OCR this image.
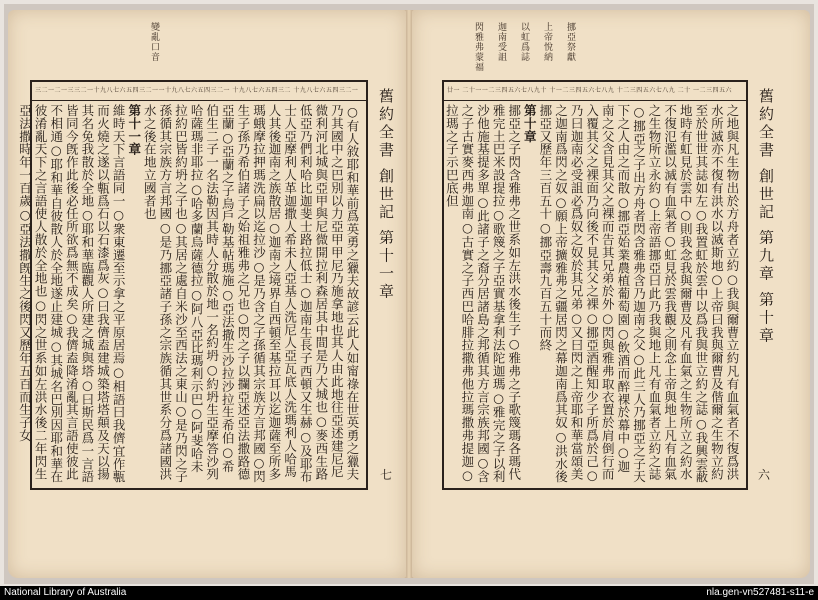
變亂口音
三二一二一三三二一十九八七六五四三二一一十九八七六五四三二一 十九八七六五四三二 十九八七六五四三二一
○有人敘耶和華前爲英勇之獵夫故諺云此人如甯祿在世英勇之獵夫乃其國中之巴別以力亞甲甲尼乃施拿地也其人由此地往亞述建尼尼微利河北城與亞甲與尼微開拉利森居其中間是乃大城也○麥西生路低亞乃們利哈比迦斐士路拉低士○迦南生長子西頓又生赫○及耶布士人亞摩利人革迦撒人希未人亞基人洗尼人亞瓦底人洗瑪利人哈馬人其後迦南之族散居○迦南之境界自西頓至基拉耳以迄迦薩至所多瑪蛾摩拉押瑪洗扁以迄拉沙○是乃含之子孫循其宗族方言邦國○閃生子孫乃希伯諸子之始祖雅弗之兄也○閃之子以攔亞述亞法撒路德亞蘭○亞蘭之子烏戶勒基帖瑪施○亞法撒生沙拉沙拉生希伯○希伯生二子一名法勒因其時人分散於地一名約坍○約坍生亞摩答沙列哈薩瑪非耶拉○哈多蘭烏薩德拉○阿八亞比瑪利示巴○阿斐哈未拉約巴皆約坍之子也○其居之處自米沙至西法之東山○是乃閃之子孫循其宗族方言邦國○是乃挪亞諸子孫之宗族循其世系分爲諸國洪水之後在地立國者也
第十一章
維時天下言語同一○衆東遷至示拿之平原居焉○相語曰我儕宜作甎而火燒之遂以甎爲石以石漆爲灰○曰我儕盍建城築塔塔顛及天以揚其名免我散於全地○耶和華臨觀人所建之城與塔○曰斯民爲一言語皆同今旣作此後必任所欲爲無不成矣○我儕盍降淆亂其言語使彼此不相通○耶和華自彼散人於全地遂止建城○其城名巴別因耶和華在彼淆亂天下之言語使人散於全地也○閃之世系如左洪水後二年閃生亞法撒時年一百歲○亞法撒旣生之後閃又歷年五百而生子女	舊約全書 創世記 第十一章
七
挪亞祭獻
上帝悅納
以虹爲誌
迦南受詛
閃雅弗蒙福
舊約全書 創世記 第九章 第十章
廿一 二十一一二三四五六七八九十 十一二三四五六七八九 十二三四五六七八九 二十 一二三四五六
之地與凡生物出於方舟者立約○我與爾曹立約凡有血氣者不復爲洪水所滅亦不復有洪水以滅斯地○上帝曰我與爾曹及偕爾之生物立約至於世世其誌如左○我置虹於雲中以爲我與世立約之誌○我興雲蔽地時有虹見於雲中○則我念我與爾曹及凡有血氣之生物所立之約水不復氾濫以滅有血氣者○虹見於雲我觀之則念上帝與地上凡有血氣之生物所立永約○上帝語挪亞曰此乃我與地上凡有血氣者立約之誌○挪亞之子出方舟者閃含雅弗含乃迦南之父○此三人乃挪亞之子天下之人由之而散○挪亞始業農植葡萄園○飲酒而醉裸於幕中○迦南之父含見其父之裸而告其兄弟於外○閃與雅弗取衣置於肩倒行而入覆其父之裸面乃向後不見其父之裸○挪亞酒醒知少子所爲於己○乃曰迦南必受詛必爲奴之奴於其兄弟○又曰閃之上帝耶和華當頌美之迦南爲閃之奴○願上帝擴雅弗之疆居閃之幕迦南爲其奴○洪水後挪亞又歷年三百五十○挪亞壽九百五十而終
第十章
挪亞之子閃含雅弗之世系如左洪水後生子○雅弗之子歌篾瑪各瑪代雅完土巴米設提拉○歌篾之子亞實基拿利法陀迦瑪○雅完之子以利沙他施基提多單○此諸子之裔分居諸島之邦循其方言宗族邦國○含之子古實麥西弗迦南○古實之子西巴哈腓拉撒弗他拉瑪撒弗提迦○拉瑪之子示巴底但
六
National Library of Australia	nla.gen-vn527481-s11-e
